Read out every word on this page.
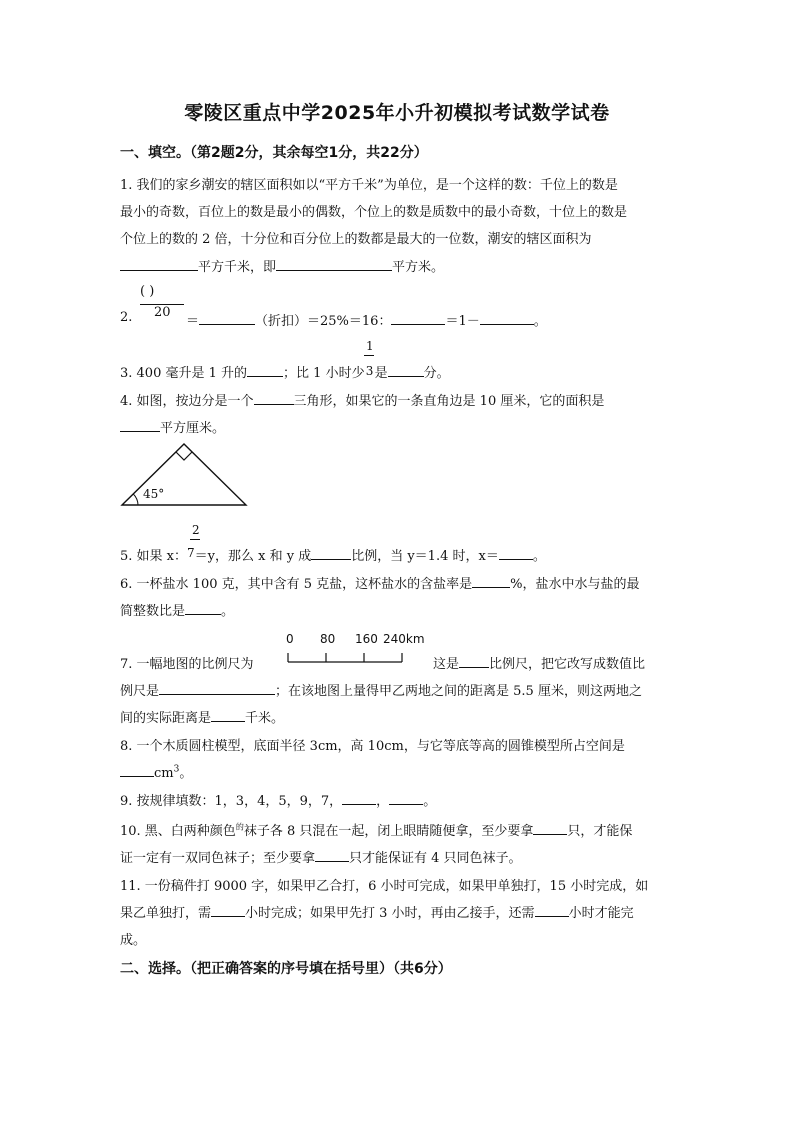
零陵区重点中学2025年小升初模拟考试数学试卷
一、填空。（第2题2分，其余每空1分，共22分）
1. 我们的家乡潮安的辖区面积如以“平方千米”为单位，是一个这样的数：千位上的数是
最小的奇数，百位上的数是最小的偶数，个位上的数是质数中的最小奇数，十位上的数是
个位上的数的 2 倍，十分位和百分位上的数都是最大的一位数，潮安的辖区面积为
平方千米，即	平方米。
( )
20
2.	＝	（折扣）＝25%＝16：	＝1－	。
1
3. 400 毫升是 1 升的	；比 1 小时少3是	分。
4. 如图，按边分是一个	三角形，如果它的一条直角边是 10 厘米，它的面积是
平方厘米。
45°
2
5. 如果 x：7＝y，那么 x 和 y 成	比例，当 y＝1.4 时，x＝	。
6. 一杯盐水 100 克，其中含有 5 克盐，这杯盐水的含盐率是	%，盐水中水与盐的最
简整数比是	。
0 80 160 240km
7. 一幅地图的比例尺为	这是 比例尺，把它改写成数值比
例尺是	；在该地图上量得甲乙两地之间的距离是 5.5 厘米，则这两地之
间的实际距离是	千米。
8. 一个木质圆柱模型，底面半径 3cm，高 10cm，与它等底等高的圆锥模型所占空间是
$cm^3$。
9. 按规律填数：1，3，4，5，9，7，	，	。
10. 黑、白两种颜色$^的$袜子各 8 只混在一起，闭上眼睛随便拿，至少要拿	只，才能保
证一定有一双同色袜子；至少要拿	只才能保证有 4 只同色袜子。
11. 一份稿件打 9000 字，如果甲乙合打，6 小时可完成，如果甲单独打，15 小时完成，如
果乙单独打，需	小时完成；如果甲先打 3 小时，再由乙接手，还需	小时才能完
成。
二、选择。（把正确答案的序号填在括号里）（共6分）
